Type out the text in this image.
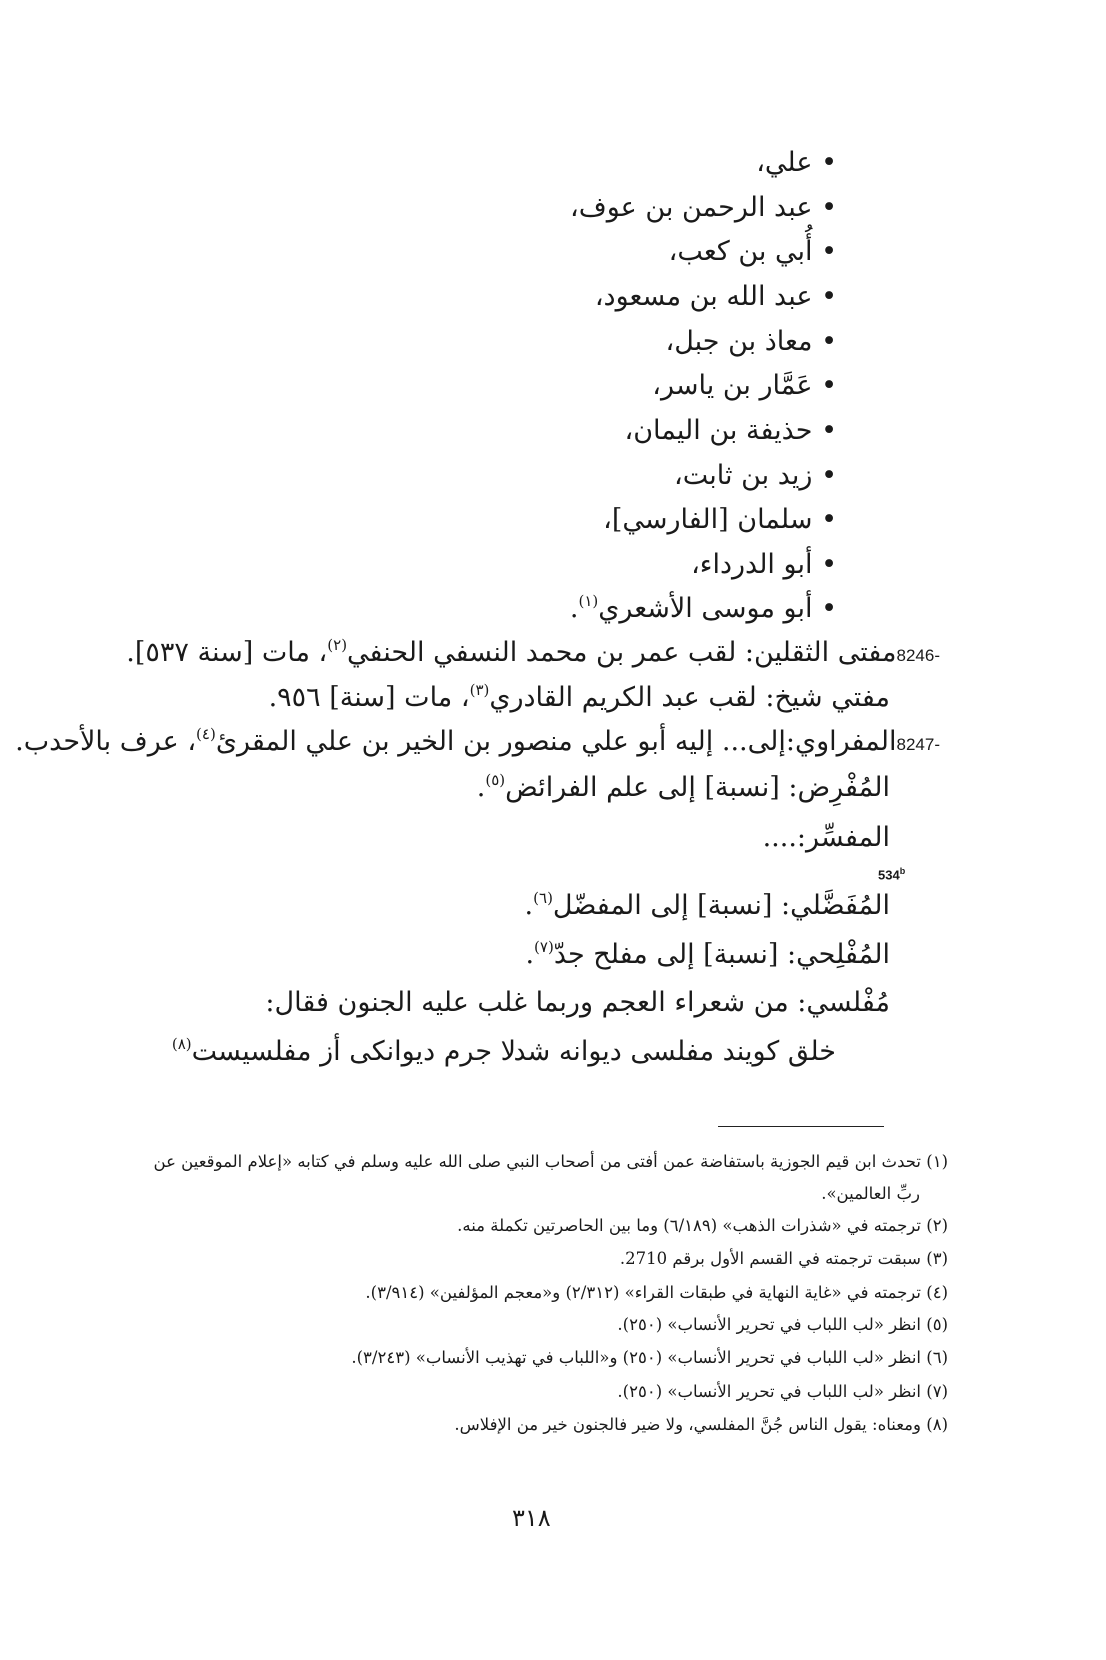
• علي،
• عبد الرحمن بن عوف،
• أُبي بن كعب،
• عبد الله بن مسعود،
• معاذ بن جبل،
• عَمَّار بن ياسر،
• حذيفة بن اليمان،
• زيد بن ثابت،
• سلمان [الفارسي]،
• أبو الدرداء،
• أبو موسى الأشعري$^{(١)}$.
8246-مفتى الثقلين: لقب عمر بن محمد النسفي الحنفي$^{(٢)}$، مات [سنة ٥٣٧].
مفتي شيخ: لقب عبد الكريم القادري$^{(٣)}$، مات [سنة] ٩٥٦.
8247-المفراوي:إلى... إليه أبو علي منصور بن الخير بن علي المقرئ$^{(٤)}$، عرف بالأحدب.
المُفْرِض: [نسبة] إلى علم الفرائض$^{(٥)}$.
المفسِّر:....
534$^b$
المُفَضَّلي: [نسبة] إلى المفضّل$^{(٦)}$.
المُفْلِحي: [نسبة] إلى مفلح جدّ$^{(٧)}$.
مُفْلسي: من شعراء العجم وربما غلب عليه الجنون فقال:
خلق كويند مفلسى ديوانه شد
لا جرم ديوانكى أز مفلسيست$^{(٨)}$
(١) تحدث ابن قيم الجوزية باستفاضة عمن أفتى من أصحاب النبي صلى الله عليه وسلم في كتابه «إعلام الموقعين عن
ربِّ العالمين».
(٢) ترجمته في «شذرات الذهب» (٦/١٨٩) وما بين الحاصرتين تكملة منه.
(٣) سبقت ترجمته في القسم الأول برقم 2710.
(٤) ترجمته في «غاية النهاية في طبقات القراء» (٢/٣١٢) و«معجم المؤلفين» (٣/٩١٤).
(٥) انظر «لب اللباب في تحرير الأنساب» (٢٥٠).
(٦) انظر «لب اللباب في تحرير الأنساب» (٢٥٠) و«اللباب في تهذيب الأنساب» (٣/٢٤٣).
(٧) انظر «لب اللباب في تحرير الأنساب» (٢٥٠).
(٨) ومعناه: يقول الناس جُنَّ المفلسي، ولا ضير فالجنون خير من الإفلاس.
٣١٨
